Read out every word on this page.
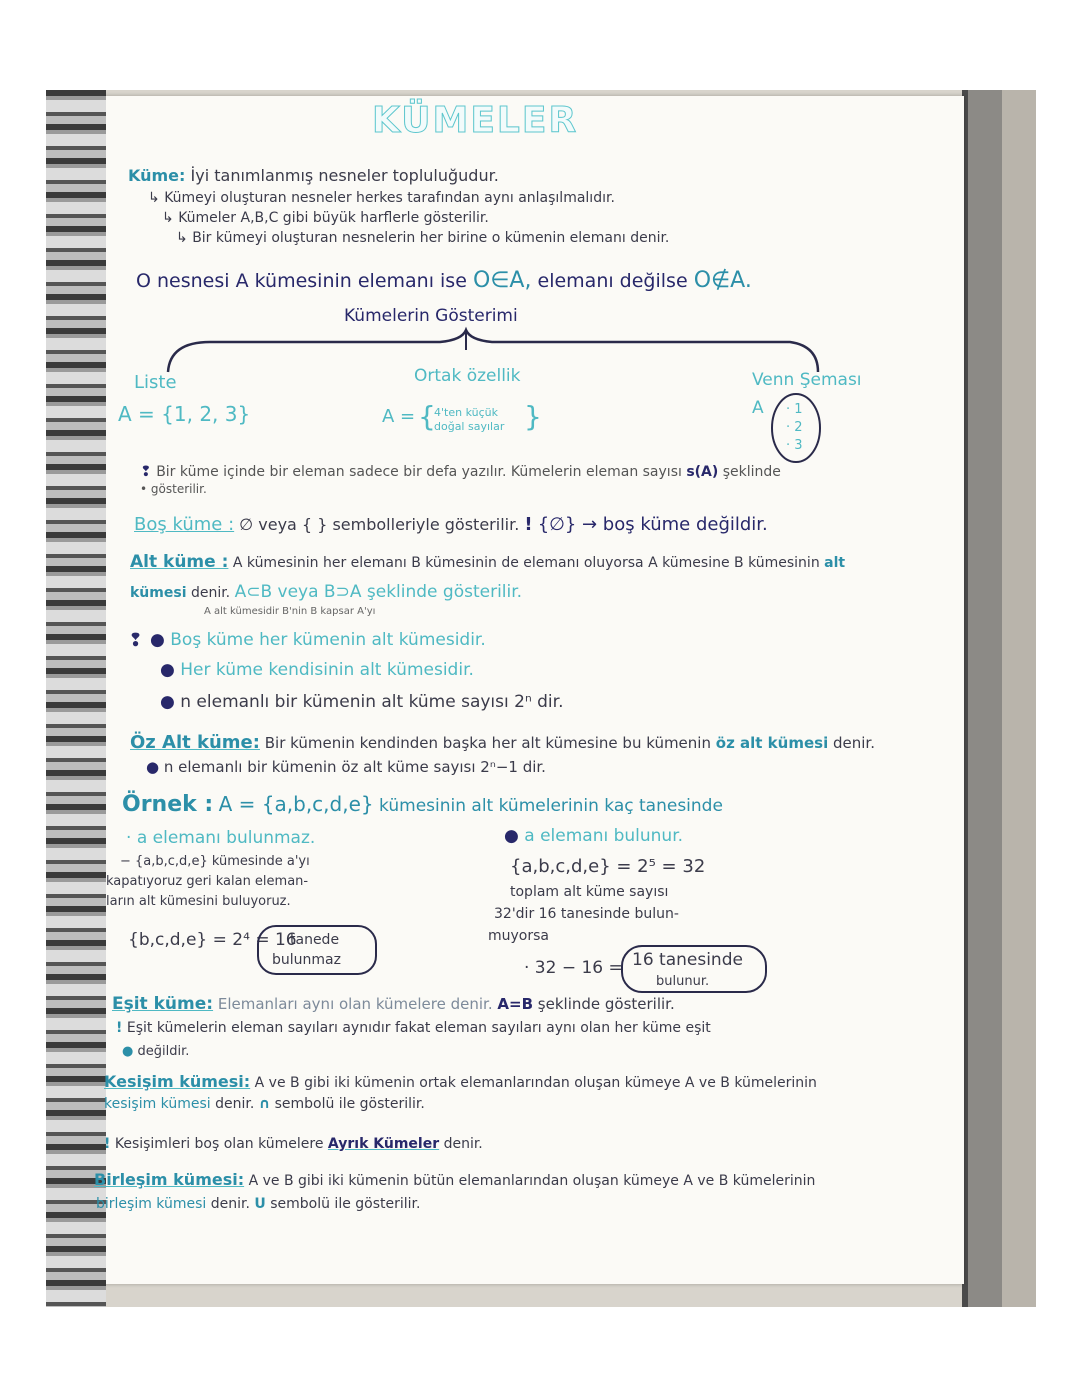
KÜMELER
Küme: İyi tanımlanmış nesneler topluluğudur.
↳ Kümeyi oluşturan nesneler herkes tarafından aynı anlaşılmalıdır.
↳ Kümeler A,B,C gibi büyük harflerle gösterilir.
↳ Bir kümeyi oluşturan nesnelerin her birine o kümenin elemanı denir.
O nesnesi A kümesinin elemanı ise O∈A, elemanı değilse O∉A.
Kümelerin Gösterimi
Liste
A = {1, 2, 3}
Ortak özellik
A = {
4'ten küçük
doğal sayılar }
Venn Şeması
A · 1
· 2
· 3
❢ Bir küme içinde bir eleman sadece bir defa yazılır. Kümelerin eleman sayısı s(A) şeklinde
• gösterilir.
Boş küme : ∅ veya { } sembolleriyle gösterilir. ! {∅} → boş küme değildir.
Alt küme : A kümesinin her elemanı B kümesinin de elemanı oluyorsa A kümesine B kümesinin alt
kümesi denir. A⊂B veya B⊃A şeklinde gösterilir.
A alt kümesidir B'nin B kapsar A'yı
❢ ● Boş küme her kümenin alt kümesidir.
● Her küme kendisinin alt kümesidir.
● n elemanlı bir kümenin alt küme sayısı 2ⁿ dir.
Öz Alt küme: Bir kümenin kendinden başka her alt kümesine bu kümenin öz alt kümesi denir.
● n elemanlı bir kümenin öz alt küme sayısı 2ⁿ−1 dir.
Örnek : A = {a,b,c,d,e} kümesinin alt kümelerinin kaç tanesinde
· a elemanı bulunmaz.
− {a,b,c,d,e} kümesinde a'yı
kapatıyoruz geri kalan eleman-
ların alt kümesini buluyoruz.
{b,c,d,e} = 2⁴ = 16
tanede
bulunmaz
● a elemanı bulunur.
{a,b,c,d,e} = 2⁵ = 32
toplam alt küme sayısı
32'dir 16 tanesinde bulun-
muyorsa
· 32 − 16 = 16 tanesinde
bulunur.
Eşit küme: Elemanları aynı olan kümelere denir. A=B şeklinde gösterilir.
! Eşit kümelerin eleman sayıları aynıdır fakat eleman sayıları aynı olan her küme eşit
● değildir.
Kesişim kümesi: A ve B gibi iki kümenin ortak elemanlarından oluşan kümeye A ve B kümelerinin
kesişim kümesi denir. ∩ sembolü ile gösterilir.
! Kesişimleri boş olan kümelere Ayrık Kümeler denir.
Birleşim kümesi: A ve B gibi iki kümenin bütün elemanlarından oluşan kümeye A ve B kümelerinin
birleşim kümesi denir. U sembolü ile gösterilir.
